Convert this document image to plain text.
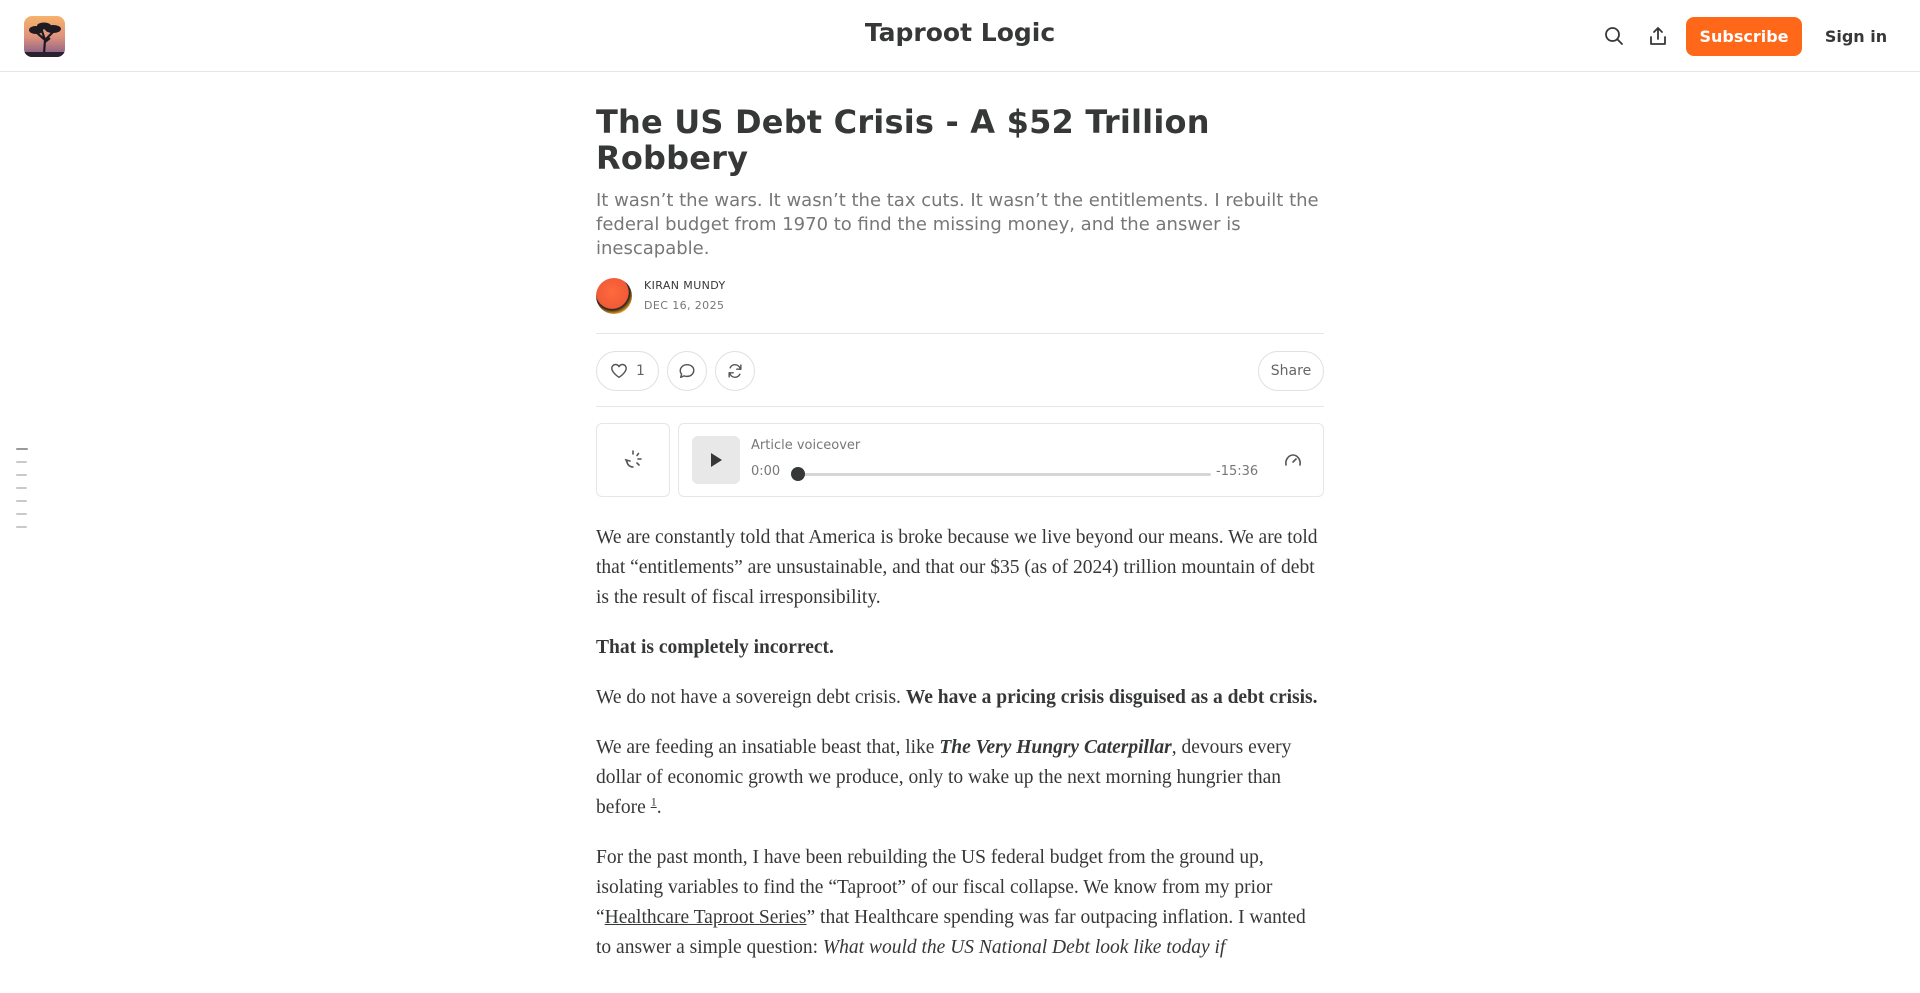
Taproot Logic	Subscribe	Sign in
The US Debt Crisis - A $52 Trillion Robbery
It wasn’t the wars. It wasn’t the tax cuts. It wasn’t the entitlements. I rebuilt the federal budget from 1970 to find the missing money, and the answer is inescapable.
KIRAN MUNDY
DEC 16, 2025
1	Share
Article voiceover
0:00	-15:36

We are constantly told that America is broke because we live beyond our means. We are told that “entitlements” are unsustainable, and that our $35 (as of 2024) trillion mountain of debt is the result of fiscal irresponsibility.

That is completely incorrect.

We do not have a sovereign debt crisis. We have a pricing crisis disguised as a debt crisis.

We are feeding an insatiable beast that, like The Very Hungry Caterpillar, devours every dollar of economic growth we produce, only to wake up the next morning hungrier than before $^1$.

For the past month, I have been rebuilding the US federal budget from the ground up, isolating variables to find the “Taproot” of our fiscal collapse. We know from my prior “Healthcare Taproot Series” that Healthcare spending was far outpacing inflation. I wanted to answer a simple question: What would the US National Debt look like today if
